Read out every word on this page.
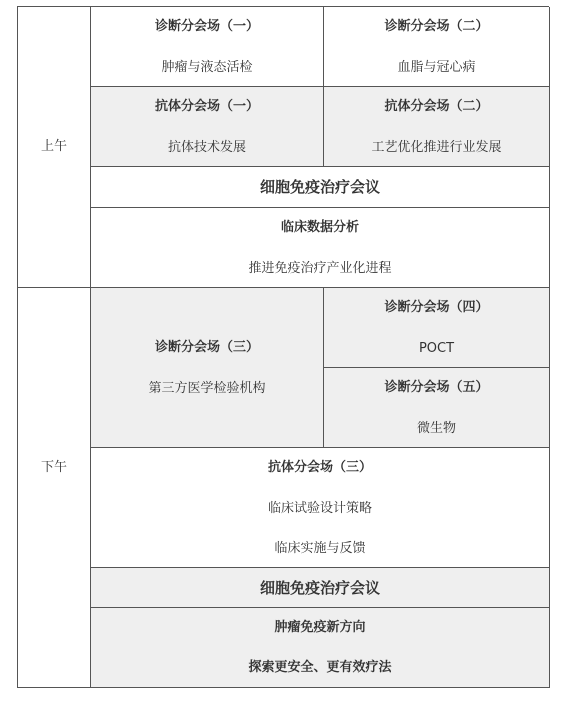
上午
下午
诊断分会场（一）
肿瘤与液态活检
诊断分会场（二）
血脂与冠心病
抗体分会场（一）
抗体技术发展
抗体分会场（二）
工艺优化推进行业发展
细胞免疫治疗会议
临床数据分析
推进免疫治疗产业化进程
诊断分会场（三）
第三方医学检验机构
诊断分会场（四）
POCT
诊断分会场（五）
微生物
抗体分会场（三）
临床试验设计策略
临床实施与反馈
细胞免疫治疗会议
肿瘤免疫新方向
探索更安全、更有效疗法
